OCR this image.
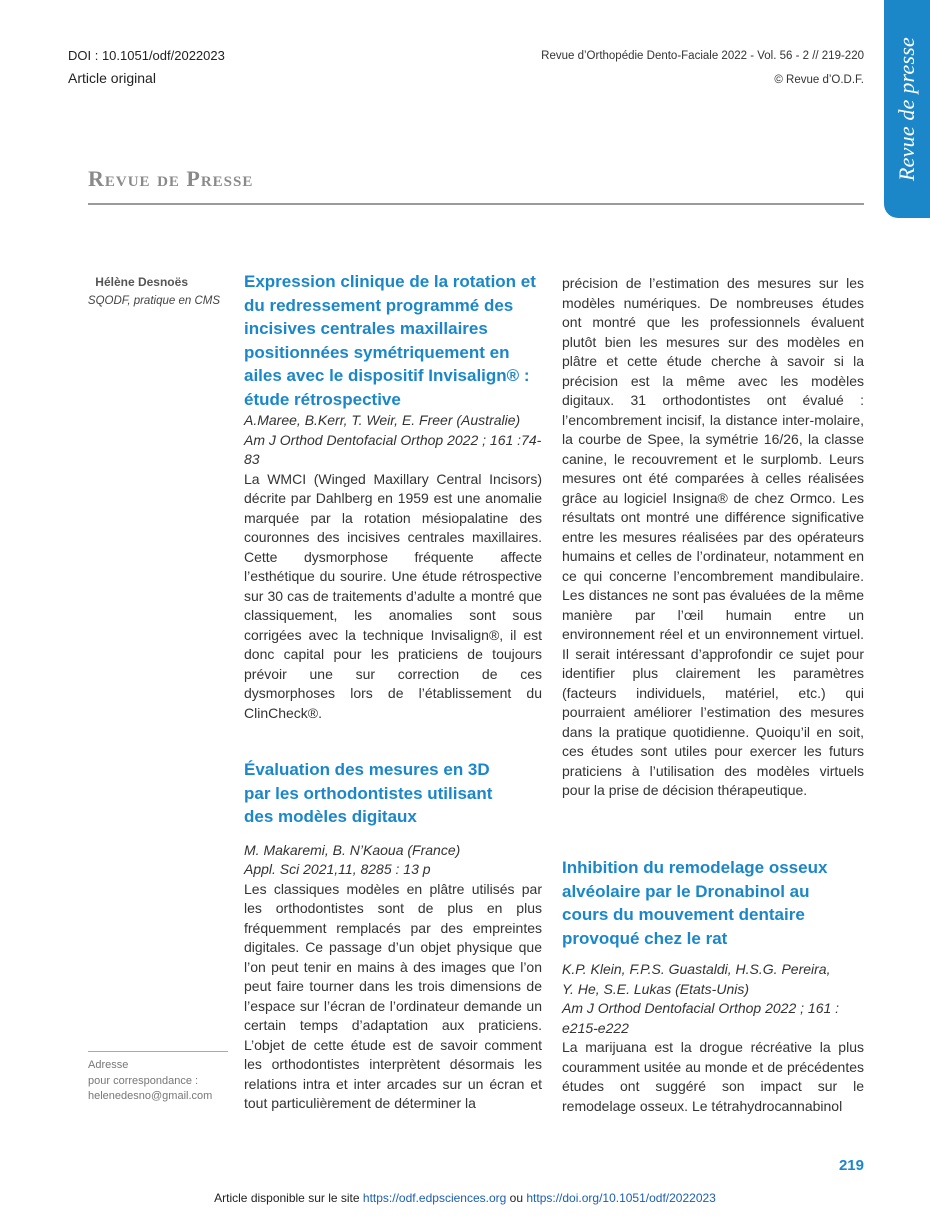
DOI : 10.1051/odf/2022023
Article original
Revue d’Orthopédie Dento-Faciale 2022 - Vol. 56 - 2 // 219-220
© Revue d’O.D.F. Revue de presse
Revue de Presse
Hélène Desnoës
SQODF, pratique en CMS
Adresse
pour correspondance :
helenedesno@gmail.com
Expression clinique de la rotation et du redressement programmé des incisives centrales maxillaires positionnées symétriquement en ailes avec le dispositif Invisalign® : étude rétrospective
A.Maree, B.Kerr, T. Weir, E. Freer (Australie)
Am J Orthod Dentofacial Orthop 2022 ; 161 :74-83
La WMCI (Winged Maxillary Central Incisors) décrite par Dahlberg en 1959 est une anomalie marquée par la rotation mésiopalatine des couronnes des incisives centrales maxillaires. Cette dysmorphose fréquente affecte l’esthétique du sourire. Une étude rétrospective sur 30 cas de traitements d’adulte a montré que classiquement, les anomalies sont sous corrigées avec la technique Invisalign®, il est donc capital pour les praticiens de toujours prévoir une sur correction de ces dysmorphoses lors de l’établissement du ClinCheck®.
Évaluation des mesures en 3D par les orthodontistes utilisant des modèles digitaux
M. Makaremi, B. N’Kaoua (France)
Appl. Sci 2021,11, 8285 : 13 p
Les classiques modèles en plâtre utilisés par les orthodontistes sont de plus en plus fréquemment remplacés par des empreintes digitales. Ce passage d’un objet physique que l’on peut tenir en mains à des images que l’on peut faire tourner dans les trois dimensions de l’espace sur l’écran de l’ordinateur demande un certain temps d’adaptation aux praticiens. L’objet de cette étude est de savoir comment les orthodontistes interprètent désormais les relations intra et inter arcades sur un écran et tout particulièrement de déterminer la
précision de l’estimation des mesures sur les modèles numériques. De nombreuses études ont montré que les professionnels évaluent plutôt bien les mesures sur des modèles en plâtre et cette étude cherche à savoir si la précision est la même avec les modèles digitaux. 31 orthodontistes ont évalué : l’encombrement incisif, la distance inter-molaire, la courbe de Spee, la symétrie 16/26, la classe canine, le recouvrement et le surplomb. Leurs mesures ont été comparées à celles réalisées grâce au logiciel Insigna® de chez Ormco. Les résultats ont montré une différence significative entre les mesures réalisées par des opérateurs humains et celles de l’ordinateur, notamment en ce qui concerne l’encombrement mandibulaire. Les distances ne sont pas évaluées de la même manière par l’œil humain entre un environnement réel et un environnement virtuel. Il serait intéressant d’approfondir ce sujet pour identifier plus clairement les paramètres (facteurs individuels, matériel, etc.) qui pourraient améliorer l’estimation des mesures dans la pratique quotidienne. Quoiqu’il en soit, ces études sont utiles pour exercer les futurs praticiens à l’utilisation des modèles virtuels pour la prise de décision thérapeutique.
Inhibition du remodelage osseux alvéolaire par le Dronabinol au cours du mouvement dentaire provoqué chez le rat
K.P. Klein, F.P.S. Guastaldi, H.S.G. Pereira, Y. He, S.E. Lukas (Etats-Unis)
Am J Orthod Dentofacial Orthop 2022 ; 161 : e215-e222
La marijuana est la drogue récréative la plus couramment usitée au monde et de précédentes études ont suggéré son impact sur le remodelage osseux. Le tétrahydrocannabinol
219
Article disponible sur le site https://odf.edpsciences.org ou https://doi.org/10.1051/odf/2022023
